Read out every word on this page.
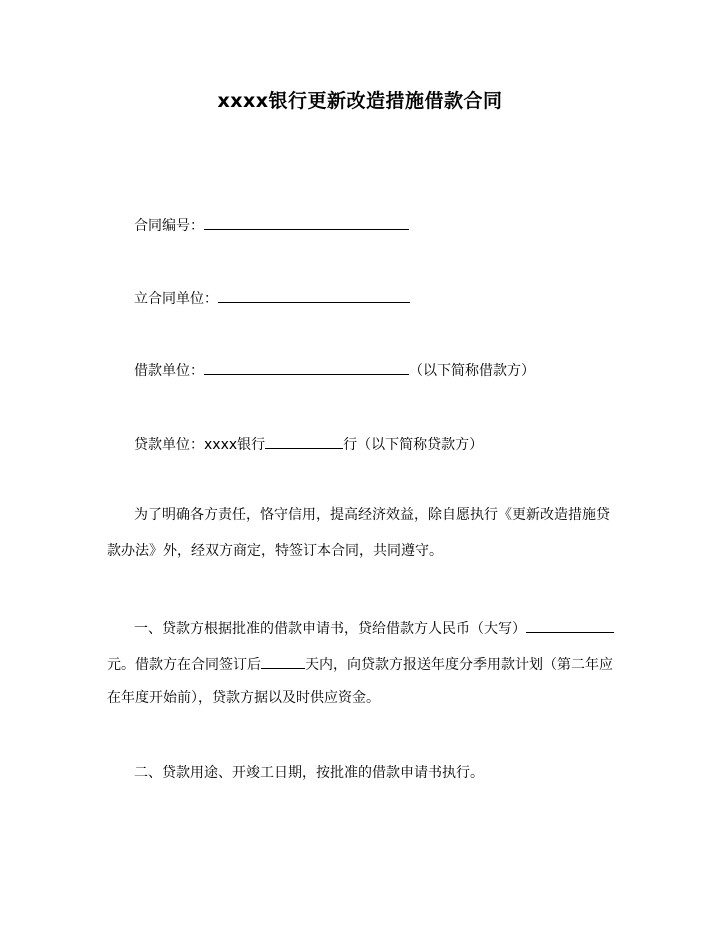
xxxx银行更新改造措施借款合同
合同编号：
立合同单位：
借款单位：	（以下简称借款方）
贷款单位：xxxx银行	行（以下简称贷款方）
为了明确各方责任，恪守信用，提高经济效益，除自愿执行《更新改造措施贷
款办法》外，经双方商定，特签订本合同，共同遵守。
一、贷款方根据批准的借款申请书，贷给借款方人民币（大写）
元。借款方在合同签订后	天内，向贷款方报送年度分季用款计划（第二年应
在年度开始前），贷款方据以及时供应资金。
二、贷款用途、开竣工日期，按批准的借款申请书执行。
